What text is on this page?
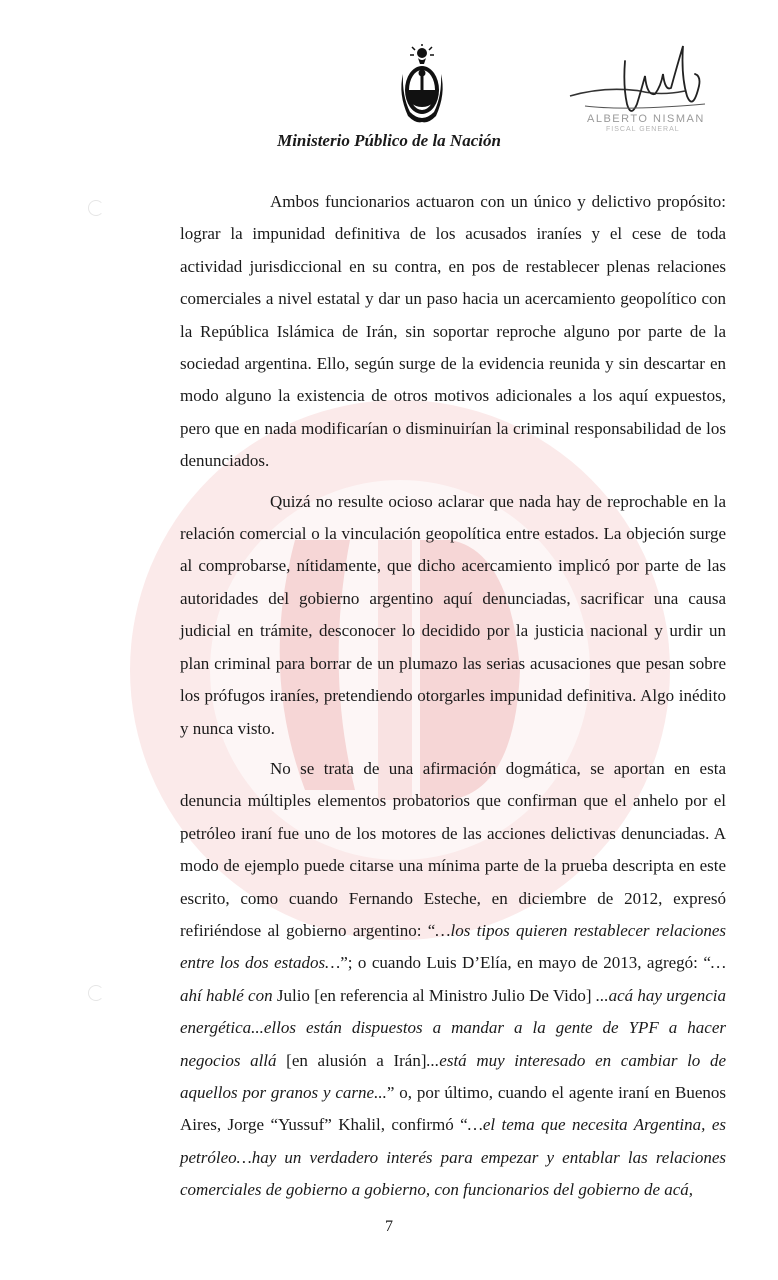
ALBERTO NISMAN
FISCAL GENERAL
Ministerio Público de la Nación

Ambos funcionarios actuaron con un único y delictivo propósito: lograr la impunidad definitiva de los acusados iraníes y el cese de toda actividad jurisdiccional en su contra, en pos de restablecer plenas relaciones comerciales a nivel estatal y dar un paso hacia un acercamiento geopolítico con la República Islámica de Irán, sin soportar reproche alguno por parte de la sociedad argentina. Ello, según surge de la evidencia reunida y sin descartar en modo alguno la existencia de otros motivos adicionales a los aquí expuestos, pero que en nada modificarían o disminuirían la criminal responsabilidad de los denunciados.

Quizá no resulte ocioso aclarar que nada hay de reprochable en la relación comercial o la vinculación geopolítica entre estados. La objeción surge al comprobarse, nítidamente, que dicho acercamiento implicó por parte de las autoridades del gobierno argentino aquí denunciadas, sacrificar una causa judicial en trámite, desconocer lo decidido por la justicia nacional y urdir un plan criminal para borrar de un plumazo las serias acusaciones que pesan sobre los prófugos iraníes, pretendiendo otorgarles impunidad definitiva. Algo inédito y nunca visto.

No se trata de una afirmación dogmática, se aportan en esta denuncia múltiples elementos probatorios que confirman que el anhelo por el petróleo iraní fue uno de los motores de las acciones delictivas denunciadas. A modo de ejemplo puede citarse una mínima parte de la prueba descripta en este escrito, como cuando Fernando Esteche, en diciembre de 2012, expresó refiriéndose al gobierno argentino: “…los tipos quieren restablecer relaciones entre los dos estados…”; o cuando Luis D’Elía, en mayo de 2013, agregó: “…ahí hablé con Julio [en referencia al Ministro Julio De Vido] ...acá hay urgencia energética...ellos están dispuestos a mandar a la gente de YPF a hacer negocios allá [en alusión a Irán]...está muy interesado en cambiar lo de aquellos por granos y carne...” o, por último, cuando el agente iraní en Buenos Aires, Jorge “Yussuf” Khalil, confirmó “…el tema que necesita Argentina, es petróleo…hay un verdadero interés para empezar y entablar las relaciones comerciales de gobierno a gobierno, con funcionarios del gobierno de acá,

7
